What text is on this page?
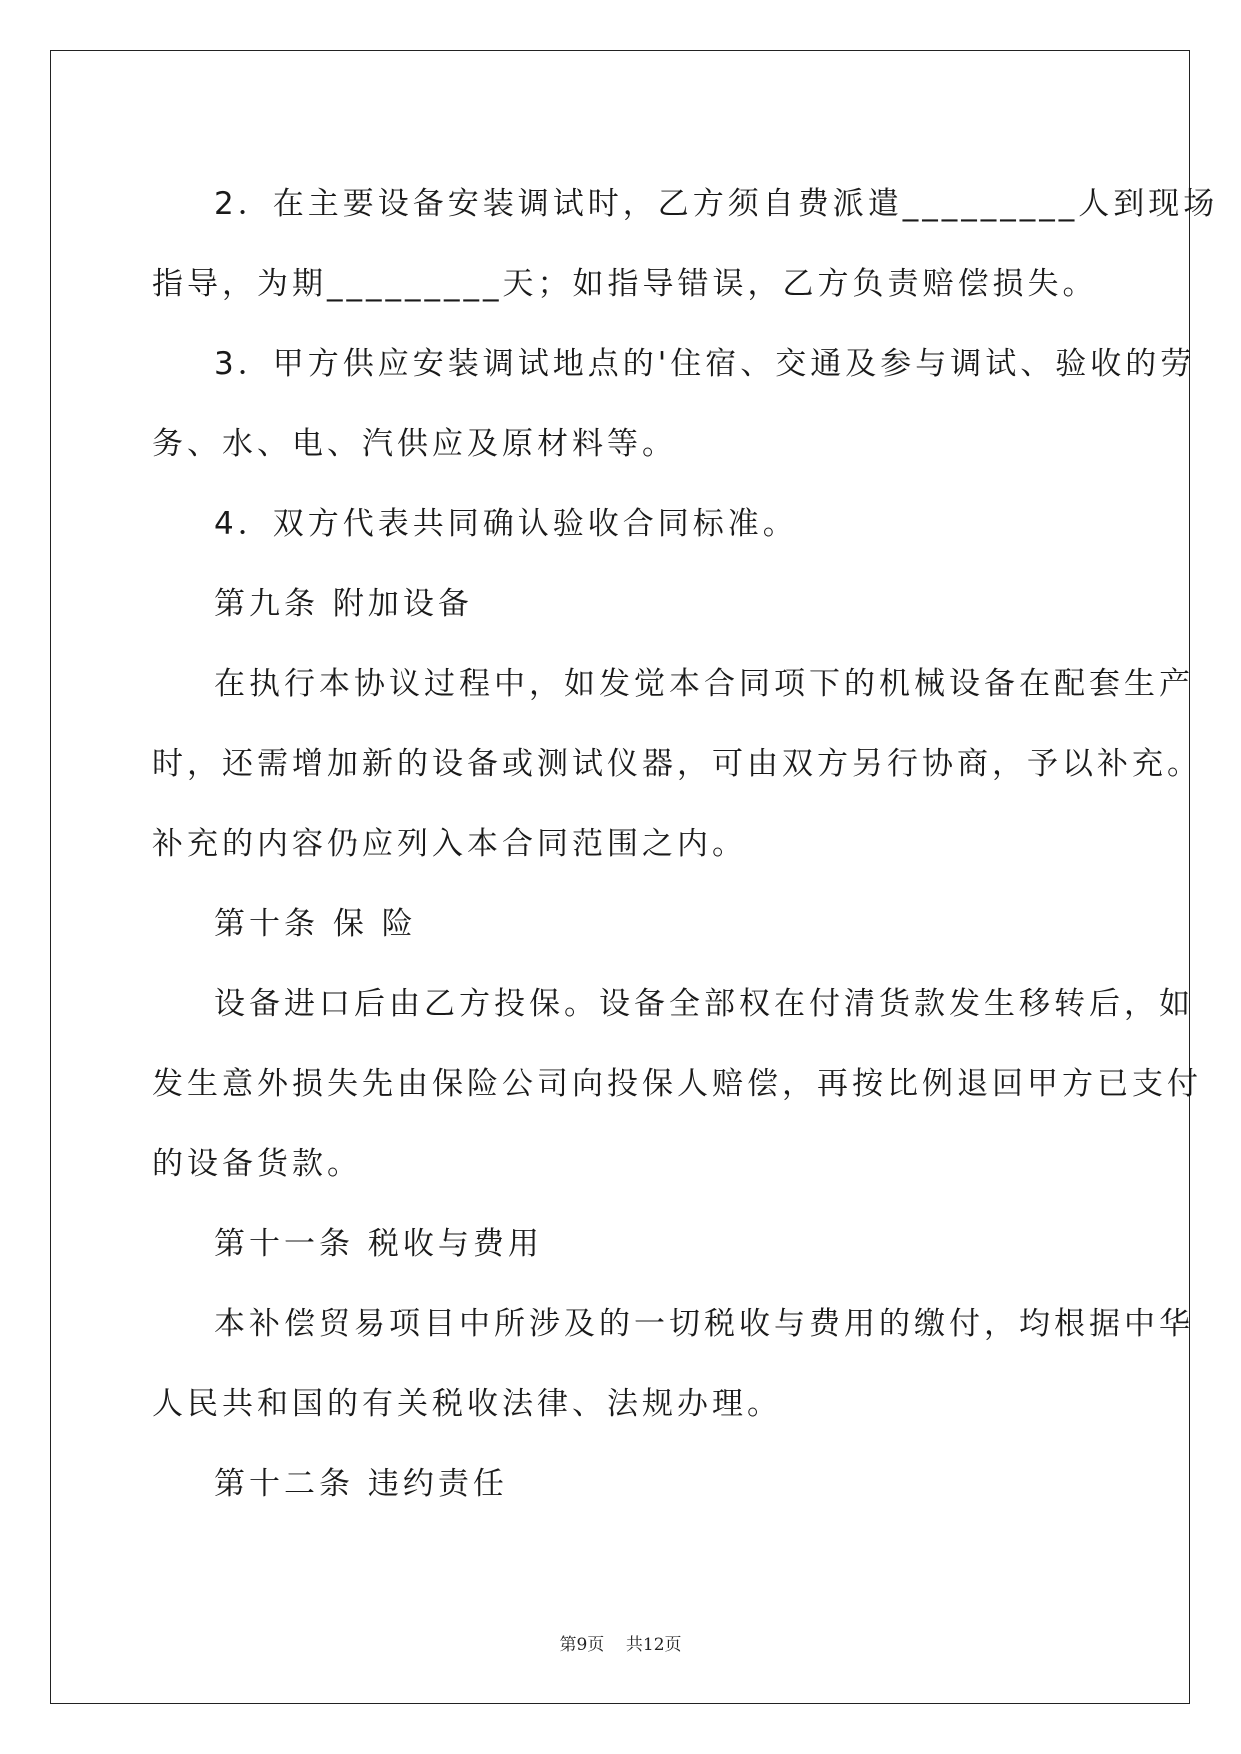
2．在主要设备安装调试时，乙方须自费派遣_________人到现场
指导，为期_________天；如指导错误，乙方负责赔偿损失。

3．甲方供应安装调试地点的'住宿、交通及参与调试、验收的劳
务、水、电、汽供应及原材料等。

4．双方代表共同确认验收合同标准。

第九条 附加设备

在执行本协议过程中，如发觉本合同项下的机械设备在配套生产
时，还需增加新的设备或测试仪器，可由双方另行协商，予以补充。
补充的内容仍应列入本合同范围之内。

第十条 保 险

设备进口后由乙方投保。设备全部权在付清货款发生移转后，如
发生意外损失先由保险公司向投保人赔偿，再按比例退回甲方已支付
的设备货款。

第十一条 税收与费用

本补偿贸易项目中所涉及的一切税收与费用的缴付，均根据中华
人民共和国的有关税收法律、法规办理。

第十二条 违约责任

第9页 共12页
